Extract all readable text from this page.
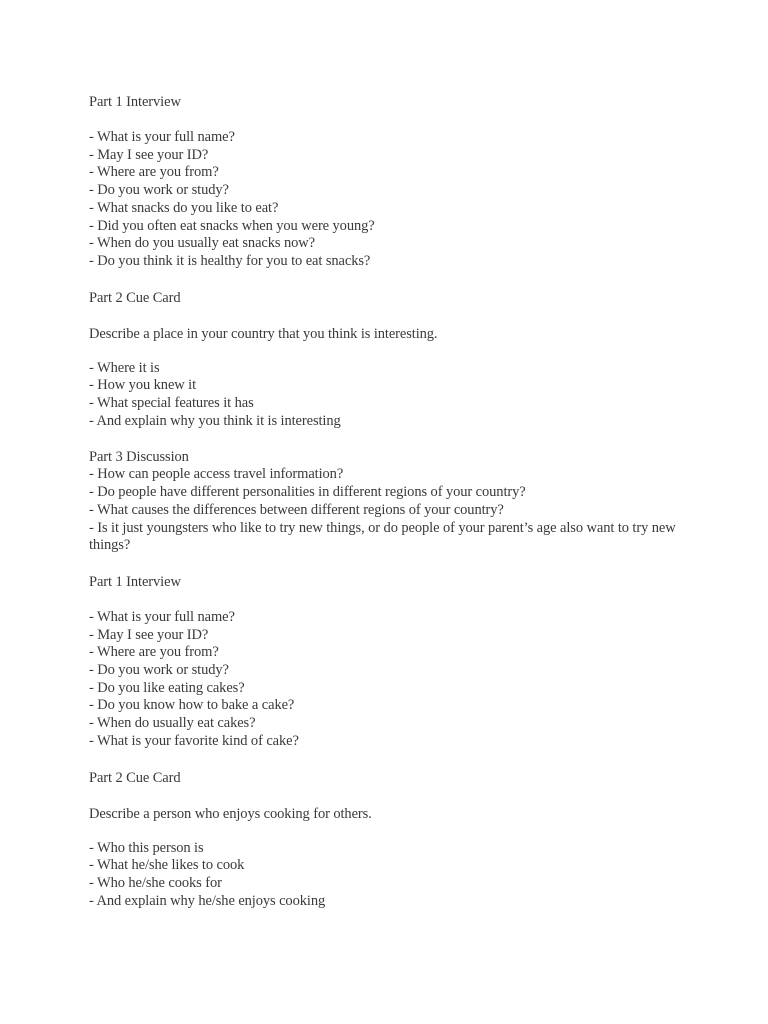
Part 1 Interview
- What is your full name?
- May I see your ID?
- Where are you from?
- Do you work or study?
- What snacks do you like to eat?
- Did you often eat snacks when you were young?
- When do you usually eat snacks now?
- Do you think it is healthy for you to eat snacks?
Part 2 Cue Card
Describe a place in your country that you think is interesting.
- Where it is
- How you knew it
- What special features it has
- And explain why you think it is interesting
Part 3 Discussion
- How can people access travel information?
- Do people have different personalities in different regions of your country?
- What causes the differences between different regions of your country?
- Is it just youngsters who like to try new things, or do people of your parent’s age also want to try new things?
Part 1 Interview
- What is your full name?
- May I see your ID?
- Where are you from?
- Do you work or study?
- Do you like eating cakes?
- Do you know how to bake a cake?
- When do usually eat cakes?
- What is your favorite kind of cake?
Part 2 Cue Card
Describe a person who enjoys cooking for others.
- Who this person is
- What he/she likes to cook
- Who he/she cooks for
- And explain why he/she enjoys cooking
